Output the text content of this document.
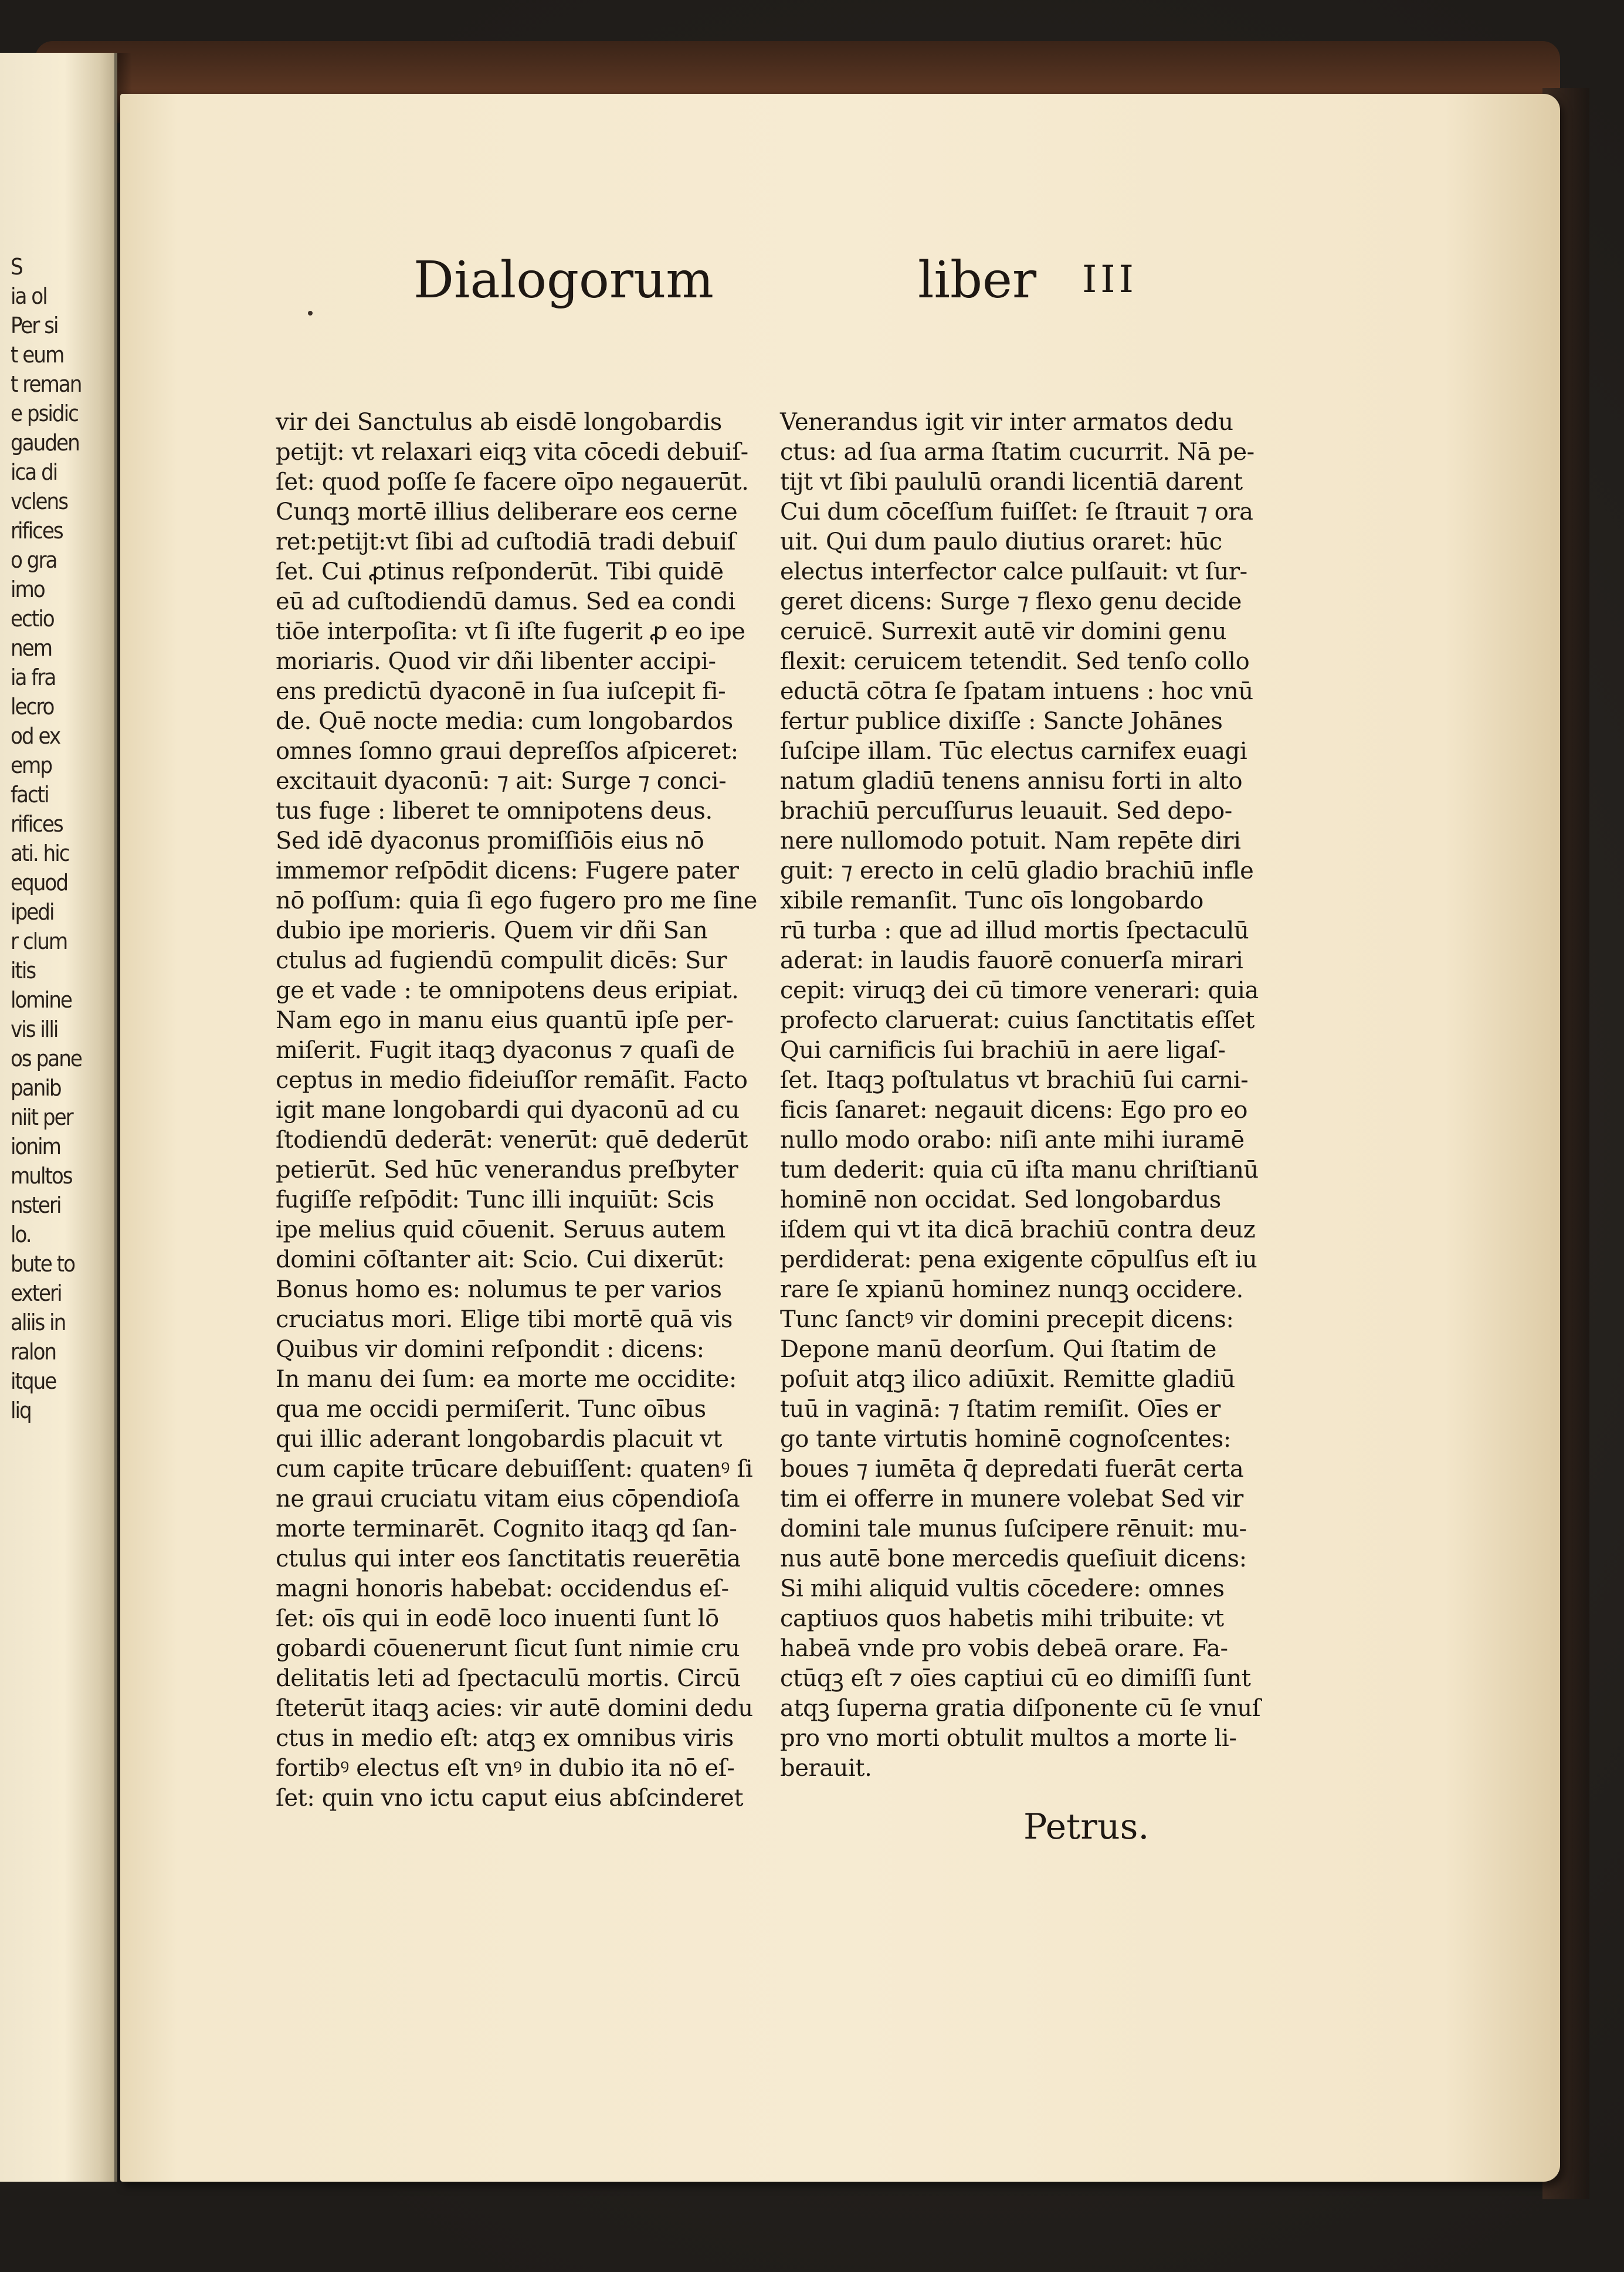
S
ia ol
Per si
t eum
t reman
e psidic
gauden
ica di
vclens
rifices
o gra
imo
ectio
nem
ia fra
lecro
od ex
emp
facti
rifices
ati. hic
equod
ipedi
r clum
itis
lomine
vis illi
os pane
panib
niit per
ionim
multos
nsteri
lo.
bute to
exteri
aliis in
ralon
itque
liq
Dialogorum	liber III
vir dei Sanctulus ab eisdē longobardis
petijt: vt relaxari eiqꝫ vita cōcedi debuiſ-
ſet: quod poſſe ſe facere oīpo negauerūt.
Cunqꝫ mortē illius deliberare eos cerne
ret:petijt:vt ſibi ad cuſtodiā tradi debuiſ
ſet. Cui ꝓtinus reſponderūt. Tibi quidē
eū ad cuſtodiendū damus. Sed ea condi
tiōe interpoſita: vt ſi iſte fugerit ꝓ eo ipe
moriaris. Quod vir dñi libenter accipi-
ens predictū dyaconē in ſua iuſcepit fi-
de. Quē nocte media: cum longobardos
omnes ſomno graui depreſſos aſpiceret:
excitauit dyaconū: ⁊ ait: Surge ⁊ conci-
tus fuge : liberet te omnipotens deus.
Sed idē dyaconus promiſſiōis eius nō
immemor reſpōdit dicens: Fugere pater
nō poſſum: quia ſi ego fugero pro me ſine
dubio ipe morieris. Quem vir dñi San
ctulus ad fugiendū compulit dicēs: Sur
ge et vade : te omnipotens deus eripiat.
Nam ego in manu eius quantū ipſe per-
miſerit. Fugit itaqꝫ dyaconus ⁊ quaſi de
ceptus in medio fideiuſſor remāſit. Facto
igit mane longobardi qui dyaconū ad cu
ſtodiendū dederāt: venerūt: quē dederūt
petierūt. Sed hūc venerandus preſbyter
fugiſſe reſpōdit: Tunc illi inquiūt: Scis
ipe melius quid cōuenit. Seruus autem
domini cōſtanter ait: Scio. Cui dixerūt:
Bonus homo es: nolumus te per varios
cruciatus mori. Elige tibi mortē quā vis
Quibus vir domini reſpondit : dicens:
In manu dei ſum: ea morte me occidite:
qua me occidi permiſerit. Tunc oībus
qui illic aderant longobardis placuit vt
cum capite trūcare debuiſſent: quatenꝰ ſi
ne graui cruciatu vitam eius cōpendioſa
morte terminarēt. Cognito itaqꝫ qd ſan-
ctulus qui inter eos ſanctitatis reuerētia
magni honoris habebat: occidendus eſ-
ſet: oīs qui in eodē loco inuenti ſunt lō
gobardi cōuenerunt ſicut ſunt nimie cru
delitatis leti ad ſpectaculū mortis. Circū
ſteterūt itaqꝫ acies: vir autē domini dedu
ctus in medio eſt: atqꝫ ex omnibus viris
fortibꝰ electus eſt vnꝰ in dubio ita nō eſ-
ſet: quin vno ictu caput eius abſcinderet
Venerandus igit vir inter armatos dedu
ctus: ad ſua arma ſtatim cucurrit. Nā pe-
tijt vt ſibi paululū orandi licentiā darent
Cui dum cōceſſum fuiſſet: ſe ſtrauit ⁊ ora
uit. Qui dum paulo diutius oraret: hūc
electus interfector calce pulſauit: vt ſur-
geret dicens: Surge ⁊ flexo genu decide
ceruicē. Surrexit autē vir domini genu
flexit: ceruicem tetendit. Sed tenſo collo
eductā cōtra ſe ſpatam intuens : hoc vnū
fertur publice dixiſſe : Sancte Johānes
ſuſcipe illam. Tūc electus carnifex euagi
natum gladiū tenens annisu forti in alto
brachiū percuſſurus leuauit. Sed depo-
nere nullomodo potuit. Nam repēte diri
guit: ⁊ erecto in celū gladio brachiū infle
xibile remanſit. Tunc oīs longobardo
rū turba : que ad illud mortis ſpectaculū
aderat: in laudis fauorē conuerſa mirari
cepit: viruqꝫ dei cū timore venerari: quia
profecto claruerat: cuius ſanctitatis eſſet
Qui carnificis ſui brachiū in aere ligaſ-
ſet. Itaqꝫ poſtulatus vt brachiū ſui carni-
ficis ſanaret: negauit dicens: Ego pro eo
nullo modo orabo: niſi ante mihi iuramē
tum dederit: quia cū iſta manu chriſtianū
hominē non occidat. Sed longobardus
iſdem qui vt ita dicā brachiū contra deuz
perdiderat: pena exigente cōpulſus eſt iu
rare ſe xpianū hominez nunqꝫ occidere.
Tunc ſanctꝰ vir domini precepit dicens:
Depone manū deorſum. Qui ſtatim de
poſuit atqꝫ ilico adiūxit. Remitte gladiū
tuū in vaginā: ⁊ ſtatim remiſit. Oīes er
go tante virtutis hominē cognoſcentes:
boues ⁊ iumēta q̄ depredati fuerāt certa
tim ei offerre in munere volebat Sed vir
domini tale munus ſuſcipere rēnuit: mu-
nus autē bone mercedis queſiuit dicens:
Si mihi aliquid vultis cōcedere: omnes
captiuos quos habetis mihi tribuite: vt
habeā vnde pro vobis debeā orare. Fa-
ctūqꝫ eſt ⁊ oīes captiui cū eo dimiſſi ſunt
atqꝫ ſuperna gratia diſponente cū ſe vnuſ
pro vno morti obtulit multos a morte li-
berauit.
Petrus.
